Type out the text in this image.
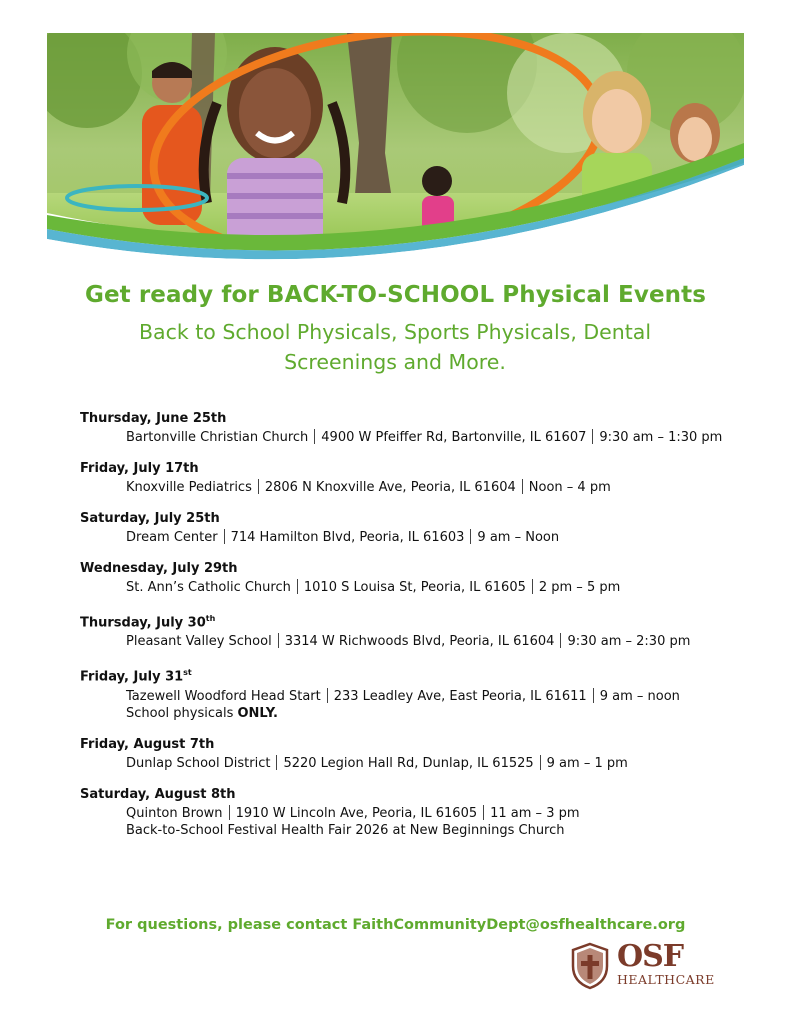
Get ready for BACK-TO-SCHOOL Physical Events
Back to School Physicals, Sports Physicals, Dental
Screenings and More.
Thursday, June 25th
Bartonville Christian Church 4900 W Pfeiffer Rd, Bartonville, IL 61607 9:30 am – 1:30 pm
Friday, July 17th
Knoxville Pediatrics 2806 N Knoxville Ave, Peoria, IL 61604 Noon – 4 pm
Saturday, July 25th
Dream Center 714 Hamilton Blvd, Peoria, IL 61603 9 am – Noon
Wednesday, July 29th
St. Ann’s Catholic Church 1010 S Louisa St, Peoria, IL 61605 2 pm – 5 pm
Thursday, July 30th
Pleasant Valley School 3314 W Richwoods Blvd, Peoria, IL 61604 9:30 am – 2:30 pm
Friday, July 31st
Tazewell Woodford Head Start 233 Leadley Ave, East Peoria, IL 61611 9 am – noon
School physicals ONLY.
Friday, August 7th
Dunlap School District 5220 Legion Hall Rd, Dunlap, IL 61525 9 am – 1 pm
Saturday, August 8th
Quinton Brown 1910 W Lincoln Ave, Peoria, IL 61605 11 am – 3 pm
Back-to-School Festival Health Fair 2026 at New Beginnings Church
For questions, please contact FaithCommunityDept@osfhealthcare.org
OSF
HEALTHCARE
